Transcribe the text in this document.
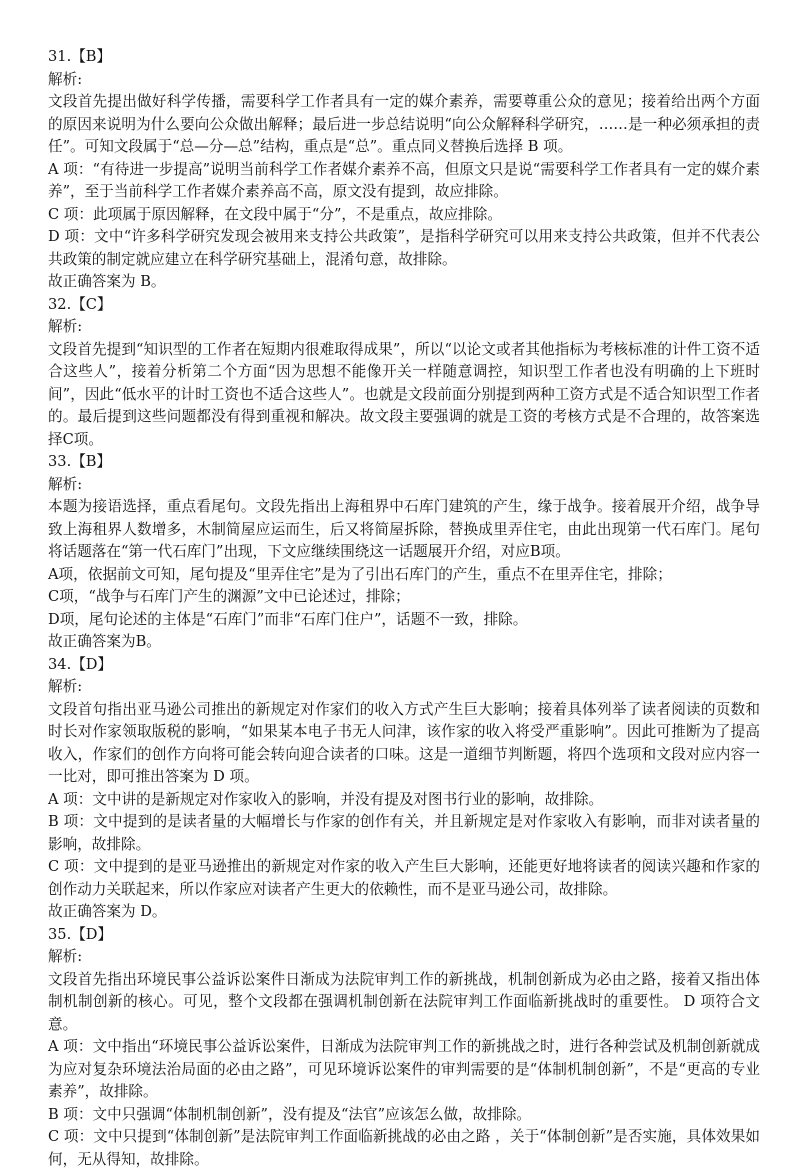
31.【B】

解析:

文段首先提出做好科学传播，需要科学工作者具有一定的媒介素养，需要尊重公众的意见；接着给出两个方面的原因来说明为什么要向公众做出解释；最后进一步总结说明“向公众解释科学研究，……是一种必须承担的责任”。可知文段属于“总—分—总”结构，重点是“总”。重点同义替换后选择 B 项。

A 项：“有待进一步提高”说明当前科学工作者媒介素养不高，但原文只是说“需要科学工作者具有一定的媒介素养”，至于当前科学工作者媒介素养高不高，原文没有提到，故应排除。

C 项：此项属于原因解释，在文段中属于“分”，不是重点，故应排除。

D 项：文中“许多科学研究发现会被用来支持公共政策”，是指科学研究可以用来支持公共政策，但并不代表公共政策的制定就应建立在科学研究基础上，混淆句意，故排除。

故正确答案为 B。

32.【C】

解析:

文段首先提到“知识型的工作者在短期内很难取得成果”，所以“以论文或者其他指标为考核标准的计件工资不适合这些人”，接着分析第二个方面“因为思想不能像开关一样随意调控，知识型工作者也没有明确的上下班时间”，因此“低水平的计时工资也不适合这些人”。也就是文段前面分别提到两种工资方式是不适合知识型工作者的。最后提到这些问题都没有得到重视和解决。故文段主要强调的就是工资的考核方式是不合理的，故答案选择C项。

33.【B】

解析:

本题为接语选择，重点看尾句。文段先指出上海租界中石库门建筑的产生，缘于战争。接着展开介绍，战争导致上海租界人数增多，木制简屋应运而生，后又将简屋拆除，替换成里弄住宅，由此出现第一代石库门。尾句将话题落在“第一代石库门”出现，下文应继续围绕这一话题展开介绍，对应B项。

A项，依据前文可知，尾句提及“里弄住宅”是为了引出石库门的产生，重点不在里弄住宅，排除；

C项，“战争与石库门产生的渊源”文中已论述过，排除；

D项，尾句论述的主体是“石库门”而非“石库门住户”，话题不一致，排除。

故正确答案为B。

34.【D】

解析:

文段首句指出亚马逊公司推出的新规定对作家们的收入方式产生巨大影响；接着具体列举了读者阅读的页数和时长对作家领取版税的影响，“如果某本电子书无人问津，该作家的收入将受严重影响”。因此可推断为了提高收入，作家们的创作方向将可能会转向迎合读者的口味。这是一道细节判断题，将四个选项和文段对应内容一一比对，即可推出答案为 D 项。

A 项：文中讲的是新规定对作家收入的影响，并没有提及对图书行业的影响，故排除。

B 项：文中提到的是读者量的大幅增长与作家的创作有关，并且新规定是对作家收入有影响，而非对读者量的影响，故排除。

C 项：文中提到的是亚马逊推出的新规定对作家的收入产生巨大影响，还能更好地将读者的阅读兴趣和作家的创作动力关联起来，所以作家应对读者产生更大的依赖性，而不是亚马逊公司，故排除。

故正确答案为 D。

35.【D】

解析:

文段首先指出环境民事公益诉讼案件日渐成为法院审判工作的新挑战，机制创新成为必由之路，接着又指出体制机制创新的核心。可见，整个文段都在强调机制创新在法院审判工作面临新挑战时的重要性。 D 项符合文意。

A 项：文中指出“环境民事公益诉讼案件，日渐成为法院审判工作的新挑战之时，进行各种尝试及机制创新就成为应对复杂环境法治局面的必由之路”，可见环境诉讼案件的审判需要的是“体制机制创新”，不是“更高的专业素养”，故排除。

B 项：文中只强调“体制机制创新”，没有提及“法官”应该怎么做，故排除。

C 项：文中只提到“体制创新”是法院审判工作面临新挑战的必由之路 ，关于“体制创新”是否实施，具体效果如何，无从得知，故排除。
